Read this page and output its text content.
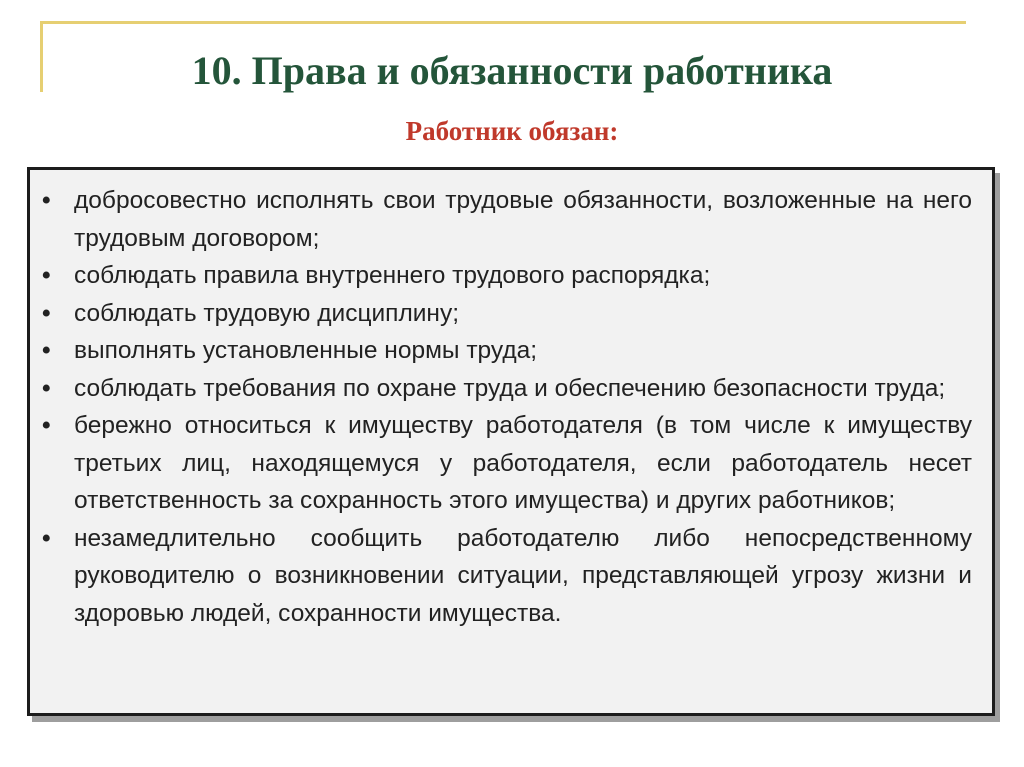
10. Права и обязанности работника
Работник обязан:
• добросовестно исполнять свои трудовые обязанности, возложенные на него трудовым договором;
• соблюдать правила внутреннего трудового распорядка;
• соблюдать трудовую дисциплину;
• выполнять установленные нормы труда;
• соблюдать требования по охране труда и обеспечению безопасности труда;
• бережно относиться к имуществу работодателя (в том числе к имуществу третьих лиц, находящемуся у работодателя, если работодатель несет ответственность за сохранность этого имущества) и других работников;
• незамедлительно сообщить работодателю либо непосредственному руководителю о возникновении ситуации, представляющей угрозу жизни и здоровью людей, сохранности имущества.
